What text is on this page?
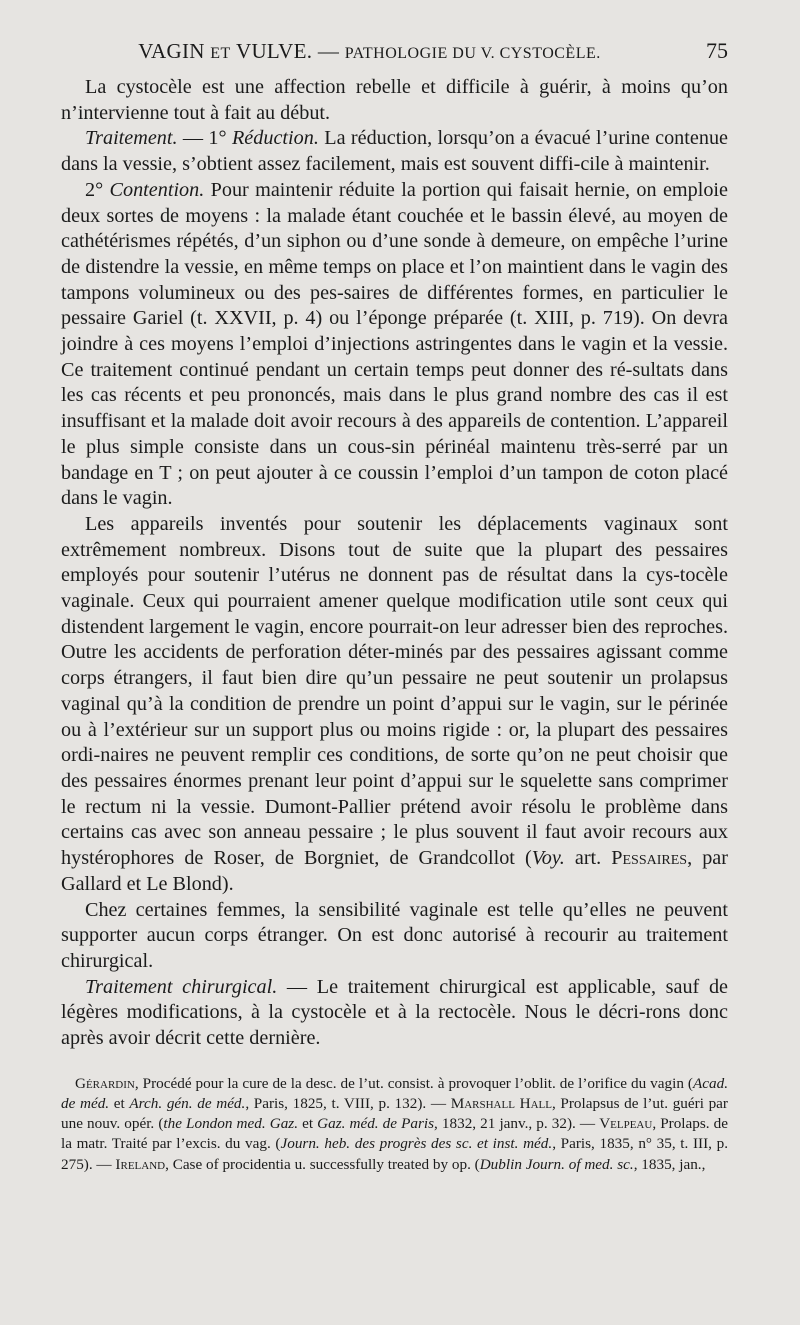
VAGIN ET VULVE. — PATHOLOGIE DU V. CYSTOCÈLE.	75

La cystocèle est une affection rebelle et difficile à guérir, à moins qu’on n’intervienne tout à fait au début.

Traitement. — 1° Réduction. La réduction, lorsqu’on a évacué l’urine contenue dans la vessie, s’obtient assez facilement, mais est souvent diffi-cile à maintenir.

2° Contention. Pour maintenir réduite la portion qui faisait hernie, on emploie deux sortes de moyens : la malade étant couchée et le bassin élevé, au moyen de cathétérismes répétés, d’un siphon ou d’une sonde à demeure, on empêche l’urine de distendre la vessie, en même temps on place et l’on maintient dans le vagin des tampons volumineux ou des pes-saires de différentes formes, en particulier le pessaire Gariel (t. XXVII, p. 4) ou l’éponge préparée (t. XIII, p. 719). On devra joindre à ces moyens l’emploi d’injections astringentes dans le vagin et la vessie. Ce traitement continué pendant un certain temps peut donner des ré-sultats dans les cas récents et peu prononcés, mais dans le plus grand nombre des cas il est insuffisant et la malade doit avoir recours à des appareils de contention. L’appareil le plus simple consiste dans un cous-sin périnéal maintenu très-serré par un bandage en T ; on peut ajouter à ce coussin l’emploi d’un tampon de coton placé dans le vagin.

Les appareils inventés pour soutenir les déplacements vaginaux sont extrêmement nombreux. Disons tout de suite que la plupart des pessaires employés pour soutenir l’utérus ne donnent pas de résultat dans la cys-tocèle vaginale. Ceux qui pourraient amener quelque modification utile sont ceux qui distendent largement le vagin, encore pourrait-on leur adresser bien des reproches. Outre les accidents de perforation déter-minés par des pessaires agissant comme corps étrangers, il faut bien dire qu’un pessaire ne peut soutenir un prolapsus vaginal qu’à la condition de prendre un point d’appui sur le vagin, sur le périnée ou à l’extérieur sur un support plus ou moins rigide : or, la plupart des pessaires ordi-naires ne peuvent remplir ces conditions, de sorte qu’on ne peut choisir que des pessaires énormes prenant leur point d’appui sur le squelette sans comprimer le rectum ni la vessie. Dumont-Pallier prétend avoir résolu le problème dans certains cas avec son anneau pessaire ; le plus souvent il faut avoir recours aux hystérophores de Roser, de Borgniet, de Grandcollot (Voy. art. Pessaires, par Gallard et Le Blond).

Chez certaines femmes, la sensibilité vaginale est telle qu’elles ne peuvent supporter aucun corps étranger. On est donc autorisé à recourir au traitement chirurgical.

Traitement chirurgical. — Le traitement chirurgical est applicable, sauf de légères modifications, à la cystocèle et à la rectocèle. Nous le décri-rons donc après avoir décrit cette dernière.

Gérardin, Procédé pour la cure de la desc. de l’ut. consist. à provoquer l’oblit. de l’orifice du vagin (Acad. de méd. et Arch. gén. de méd., Paris, 1825, t. VIII, p. 132). — Marshall Hall, Prolapsus de l’ut. guéri par une nouv. opér. (the London med. Gaz. et Gaz. méd. de Paris, 1832, 21 janv., p. 32). — Velpeau, Prolaps. de la matr. Traité par l’excis. du vag. (Journ. heb. des progrès des sc. et inst. méd., Paris, 1835, n° 35, t. III, p. 275). — Ireland, Case of procidentia u. successfully treated by op. (Dublin Journ. of med. sc., 1835, jan.,
